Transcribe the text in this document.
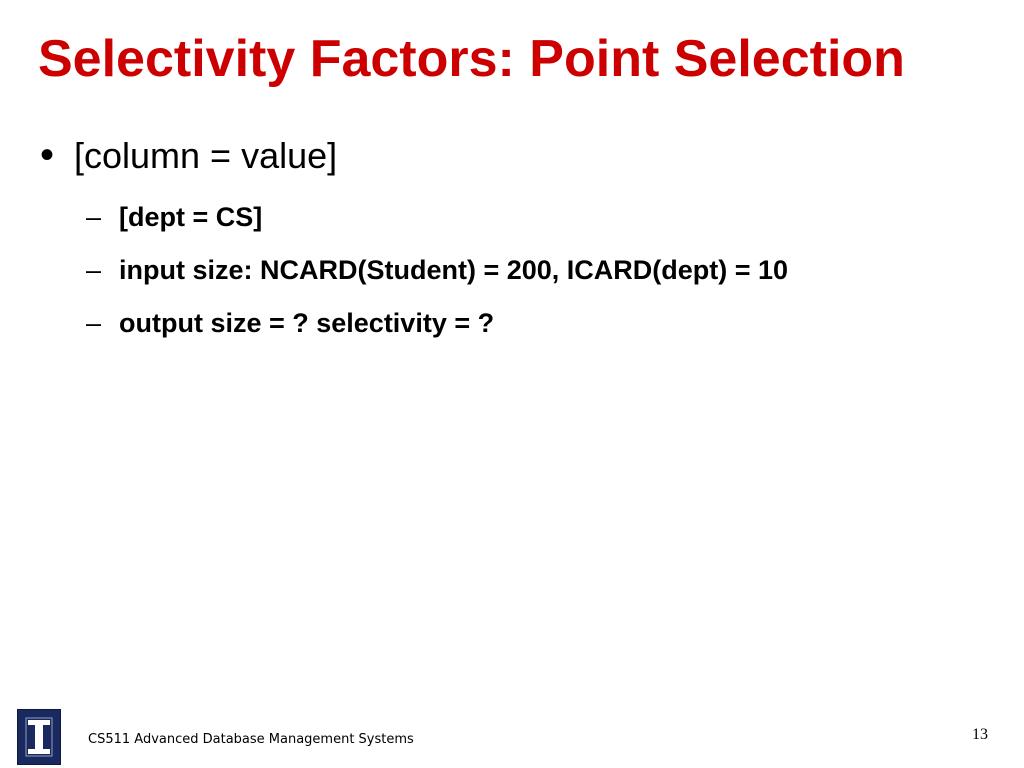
Selectivity Factors: Point Selection
• [column = value]
– [dept = CS]
– input size: NCARD(Student) = 200, ICARD(dept) = 10
– output size = ? selectivity = ?
CS511 Advanced Database Management Systems	13
